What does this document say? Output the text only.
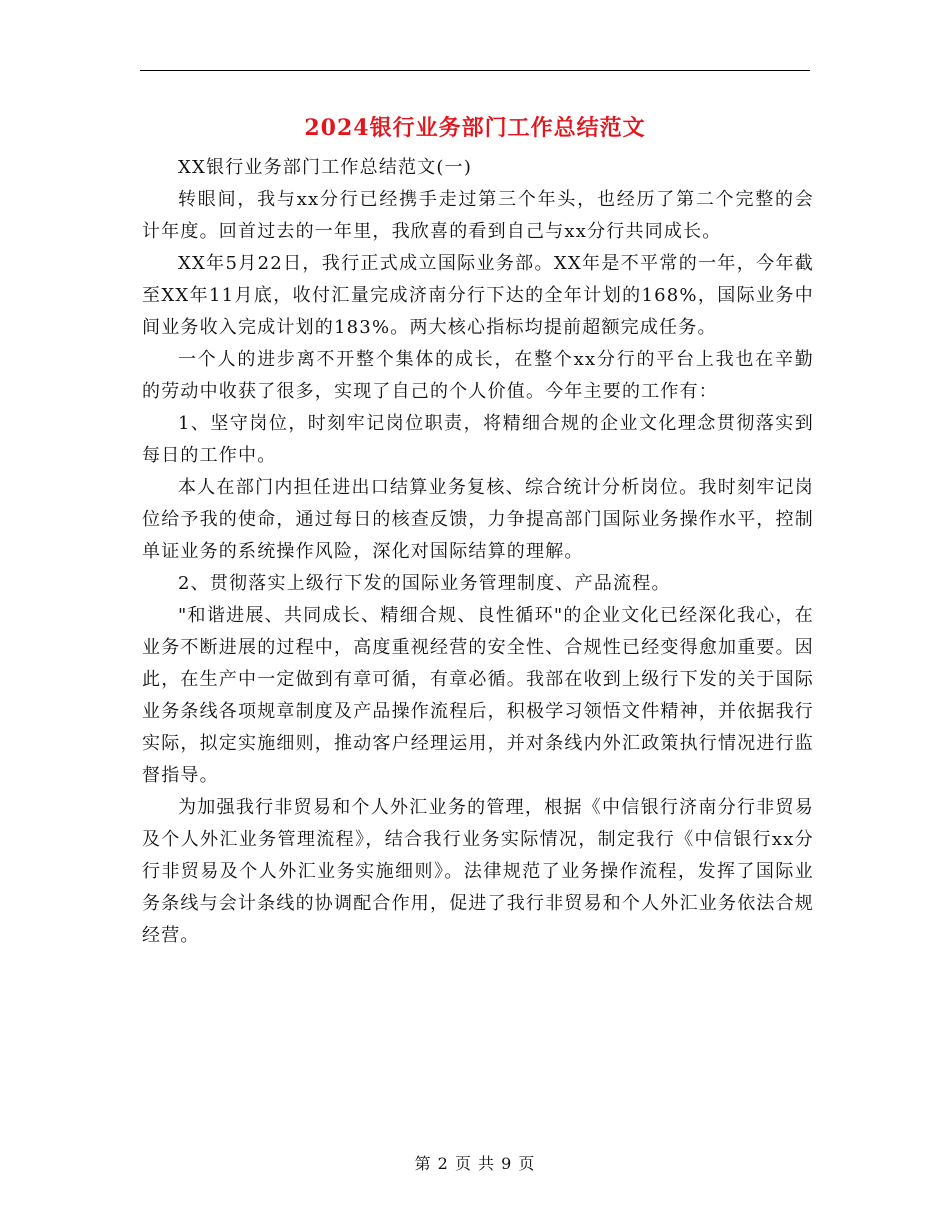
2024银行业务部门工作总结范文

XX银行业务部门工作总结范文(一)

转眼间，我与xx分行已经携手走过第三个年头，也经历了第二个完整的会计年度。回首过去的一年里，我欣喜的看到自己与xx分行共同成长。

XX年5月22日，我行正式成立国际业务部。XX年是不平常的一年，今年截至XX年11月底，收付汇量完成济南分行下达的全年计划的168%，国际业务中间业务收入完成计划的183%。两大核心指标均提前超额完成任务。

一个人的进步离不开整个集体的成长，在整个xx分行的平台上我也在辛勤的劳动中收获了很多，实现了自己的个人价值。今年主要的工作有：

1、坚守岗位，时刻牢记岗位职责，将精细合规的企业文化理念贯彻落实到每日的工作中。

本人在部门内担任进出口结算业务复核、综合统计分析岗位。我时刻牢记岗位给予我的使命，通过每日的核查反馈，力争提高部门国际业务操作水平，控制单证业务的系统操作风险，深化对国际结算的理解。

2、贯彻落实上级行下发的国际业务管理制度、产品流程。

"和谐进展、共同成长、精细合规、良性循环"的企业文化已经深化我心，在业务不断进展的过程中，高度重视经营的安全性、合规性已经变得愈加重要。因此，在生产中一定做到有章可循，有章必循。我部在收到上级行下发的关于国际业务条线各项规章制度及产品操作流程后，积极学习领悟文件精神，并依据我行实际，拟定实施细则，推动客户经理运用，并对条线内外汇政策执行情况进行监督指导。

为加强我行非贸易和个人外汇业务的管理，根据《中信银行济南分行非贸易及个人外汇业务管理流程》，结合我行业务实际情况，制定我行《中信银行xx分行非贸易及个人外汇业务实施细则》。法律规范了业务操作流程，发挥了国际业务条线与会计条线的协调配合作用，促进了我行非贸易和个人外汇业务依法合规经营。

第 2 页 共 9 页
